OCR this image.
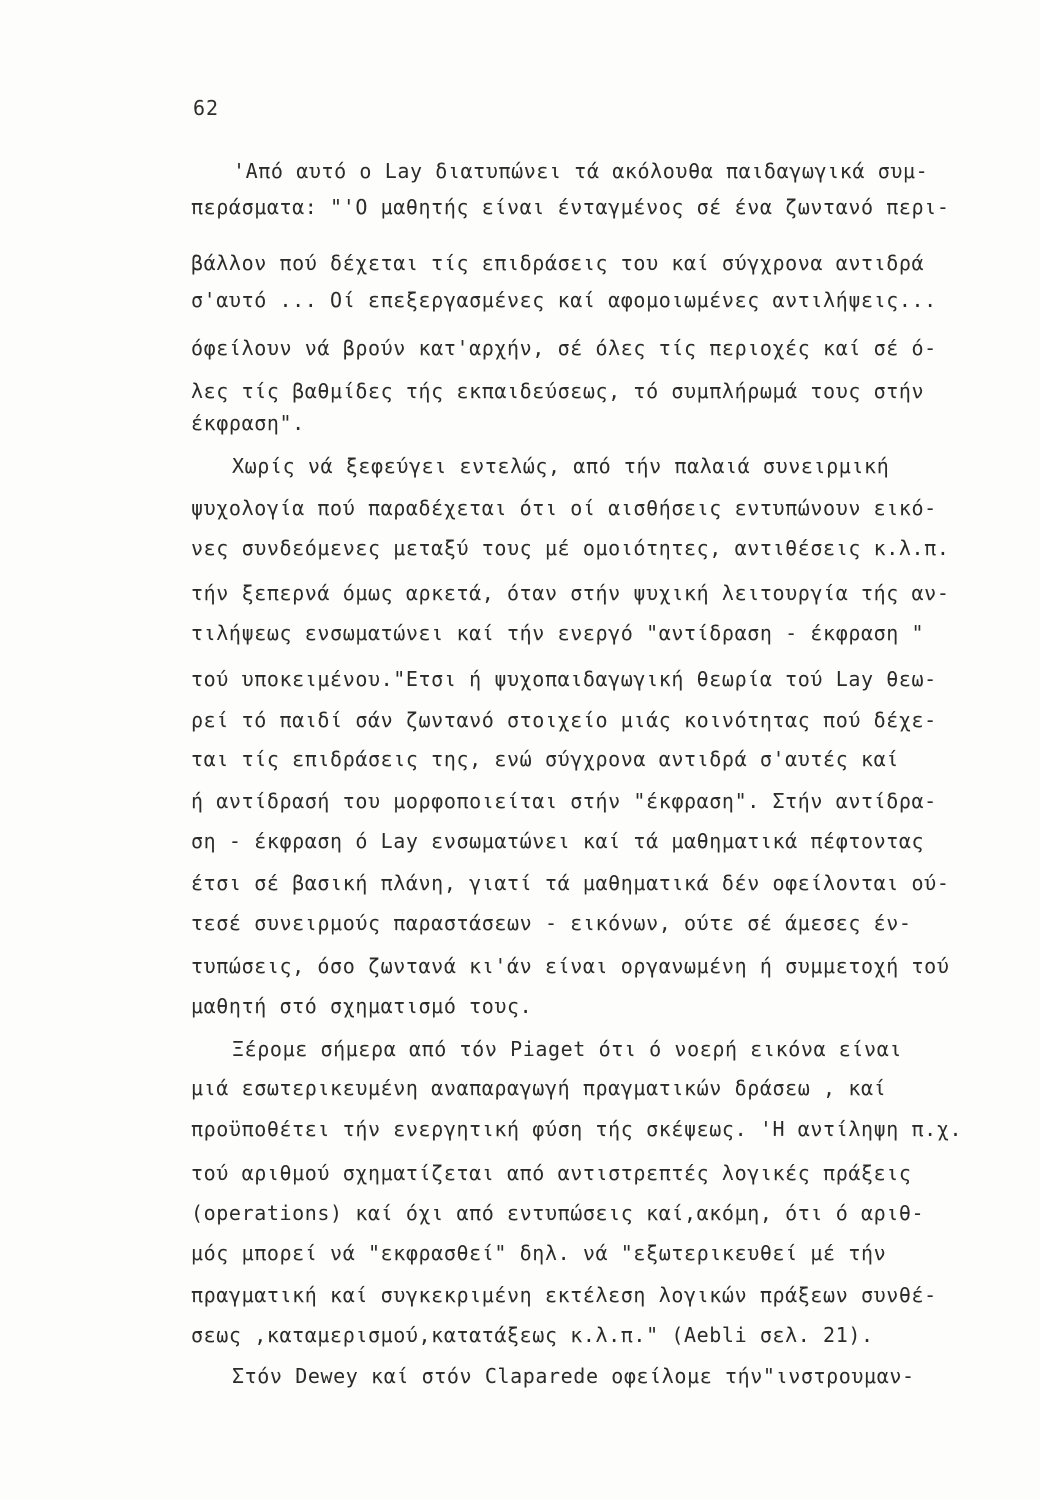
62
'Από αυτό ο Lay διατυπώνει τά ακόλουθα παιδαγωγικά συμ-
περάσματα: "'Ο μαθητής είναι ένταγμένος σέ ένα ζωντανό περι-
βάλλον πού δέχεται τίς επιδράσεις του καί σύγχρονα αντιδρά
σ'αυτό ... Οί επεξεργασμένες καί αφομοιωμένες αντιλήψεις...
όφείλουν νά βρούν κατ'αρχήν, σέ όλες τίς περιοχές καί σέ ό-
λες τίς βαθμίδες τής εκπαιδεύσεως, τό συμπλήρωμά τους στήν
έκφραση".
Χωρίς νά ξεφεύγει εντελώς, από τήν παλαιά συνειρμική
ψυχολογία πού παραδέχεται ότι οί αισθήσεις εντυπώνουν εικό-
νες συνδεόμενες μεταξύ τους μέ ομοιότητες, αντιθέσεις κ.λ.π.
τήν ξεπερνά όμως αρκετά, όταν στήν ψυχική λειτουργία τής αν-
τιλήψεως ενσωματώνει καί τήν ενεργό "αντίδραση - έκφραση "
τού υποκειμένου."Ετσι ή ψυχοπαιδαγωγική θεωρία τού Lay θεω-
ρεί τό παιδί σάν ζωντανό στοιχείο μιάς κοινότητας πού δέχε-
ται τίς επιδράσεις της, ενώ σύγχρονα αντιδρά σ'αυτές καί
ή αντίδρασή του μορφοποιείται στήν "έκφραση". Στήν αντίδρα-
ση - έκφραση ό Lay ενσωματώνει καί τά μαθηματικά πέφτοντας
έτσι σέ βασική πλάνη, γιατί τά μαθηματικά δέν οφείλονται ού-
τεσέ συνειρμούς παραστάσεων - εικόνων, ούτε σέ άμεσες έν-
τυπώσεις, όσο ζωντανά κι'άν είναι οργανωμένη ή συμμετοχή τού
μαθητή στό σχηματισμό τους.
Ξέρομε σήμερα από τόν Piaget ότι ό νοερή εικόνα είναι
μιά εσωτερικευμένη αναπαραγωγή πραγματικών δράσεω , καί
προϋποθέτει τήν ενεργητική φύση τής σκέψεως. 'Η αντίληψη π.χ.
τού αριθμού σχηματίζεται από αντιστρεπτές λογικές πράξεις
(operations) καί όχι από εντυπώσεις καί,ακόμη, ότι ό αριθ-
μός μπορεί νά "εκφρασθεί" δηλ. νά "εξωτερικευθεί μέ τήν
πραγματική καί συγκεκριμένη εκτέλεση λογικών πράξεων συνθέ-
σεως ,καταμερισμού,κατατάξεως κ.λ.π." (Aebli σελ. 21).
Στόν Dewey καί στόν Claparede οφείλομε τήν"ινστρουμαν-
